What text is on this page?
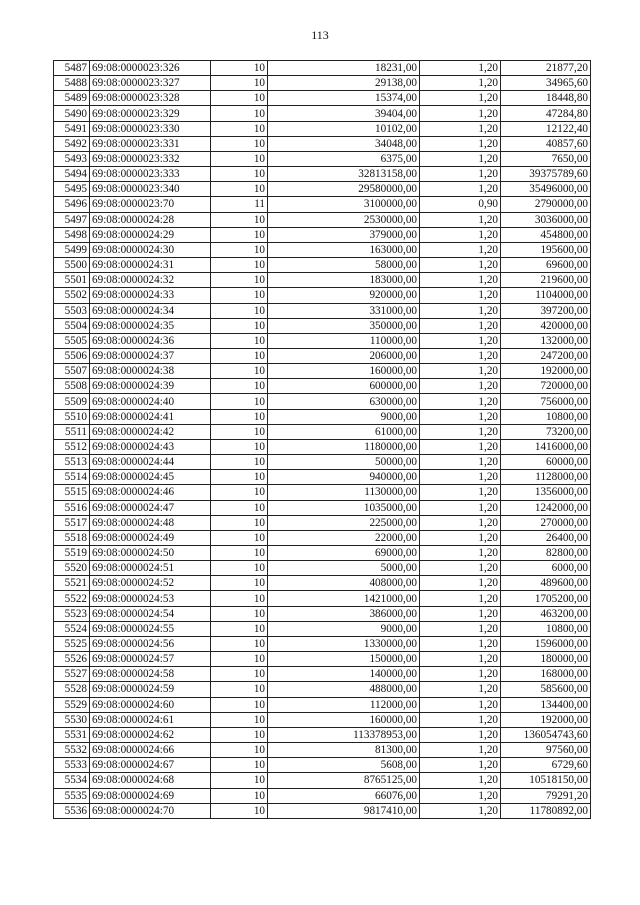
113
5487	69:08:0000023:326	10	18231,00	1,20	21877,20
5488	69:08:0000023:327	10	29138,00	1,20	34965,60
5489	69:08:0000023:328	10	15374,00	1,20	18448,80
5490	69:08:0000023:329	10	39404,00	1,20	47284,80
5491	69:08:0000023:330	10	10102,00	1,20	12122,40
5492	69:08:0000023:331	10	34048,00	1,20	40857,60
5493	69:08:0000023:332	10	6375,00	1,20	7650,00
5494	69:08:0000023:333	10	32813158,00	1,20	39375789,60
5495	69:08:0000023:340	10	29580000,00	1,20	35496000,00
5496	69:08:0000023:70	11	3100000,00	0,90	2790000,00
5497	69:08:0000024:28	10	2530000,00	1,20	3036000,00
5498	69:08:0000024:29	10	379000,00	1,20	454800,00
5499	69:08:0000024:30	10	163000,00	1,20	195600,00
5500	69:08:0000024:31	10	58000,00	1,20	69600,00
5501	69:08:0000024:32	10	183000,00	1,20	219600,00
5502	69:08:0000024:33	10	920000,00	1,20	1104000,00
5503	69:08:0000024:34	10	331000,00	1,20	397200,00
5504	69:08:0000024:35	10	350000,00	1,20	420000,00
5505	69:08:0000024:36	10	110000,00	1,20	132000,00
5506	69:08:0000024:37	10	206000,00	1,20	247200,00
5507	69:08:0000024:38	10	160000,00	1,20	192000,00
5508	69:08:0000024:39	10	600000,00	1,20	720000,00
5509	69:08:0000024:40	10	630000,00	1,20	756000,00
5510	69:08:0000024:41	10	9000,00	1,20	10800,00
5511	69:08:0000024:42	10	61000,00	1,20	73200,00
5512	69:08:0000024:43	10	1180000,00	1,20	1416000,00
5513	69:08:0000024:44	10	50000,00	1,20	60000,00
5514	69:08:0000024:45	10	940000,00	1,20	1128000,00
5515	69:08:0000024:46	10	1130000,00	1,20	1356000,00
5516	69:08:0000024:47	10	1035000,00	1,20	1242000,00
5517	69:08:0000024:48	10	225000,00	1,20	270000,00
5518	69:08:0000024:49	10	22000,00	1,20	26400,00
5519	69:08:0000024:50	10	69000,00	1,20	82800,00
5520	69:08:0000024:51	10	5000,00	1,20	6000,00
5521	69:08:0000024:52	10	408000,00	1,20	489600,00
5522	69:08:0000024:53	10	1421000,00	1,20	1705200,00
5523	69:08:0000024:54	10	386000,00	1,20	463200,00
5524	69:08:0000024:55	10	9000,00	1,20	10800,00
5525	69:08:0000024:56	10	1330000,00	1,20	1596000,00
5526	69:08:0000024:57	10	150000,00	1,20	180000,00
5527	69:08:0000024:58	10	140000,00	1,20	168000,00
5528	69:08:0000024:59	10	488000,00	1,20	585600,00
5529	69:08:0000024:60	10	112000,00	1,20	134400,00
5530	69:08:0000024:61	10	160000,00	1,20	192000,00
5531	69:08:0000024:62	10	113378953,00	1,20	136054743,60
5532	69:08:0000024:66	10	81300,00	1,20	97560,00
5533	69:08:0000024:67	10	5608,00	1,20	6729,60
5534	69:08:0000024:68	10	8765125,00	1,20	10518150,00
5535	69:08:0000024:69	10	66076,00	1,20	79291,20
5536	69:08:0000024:70	10	9817410,00	1,20	11780892,00
